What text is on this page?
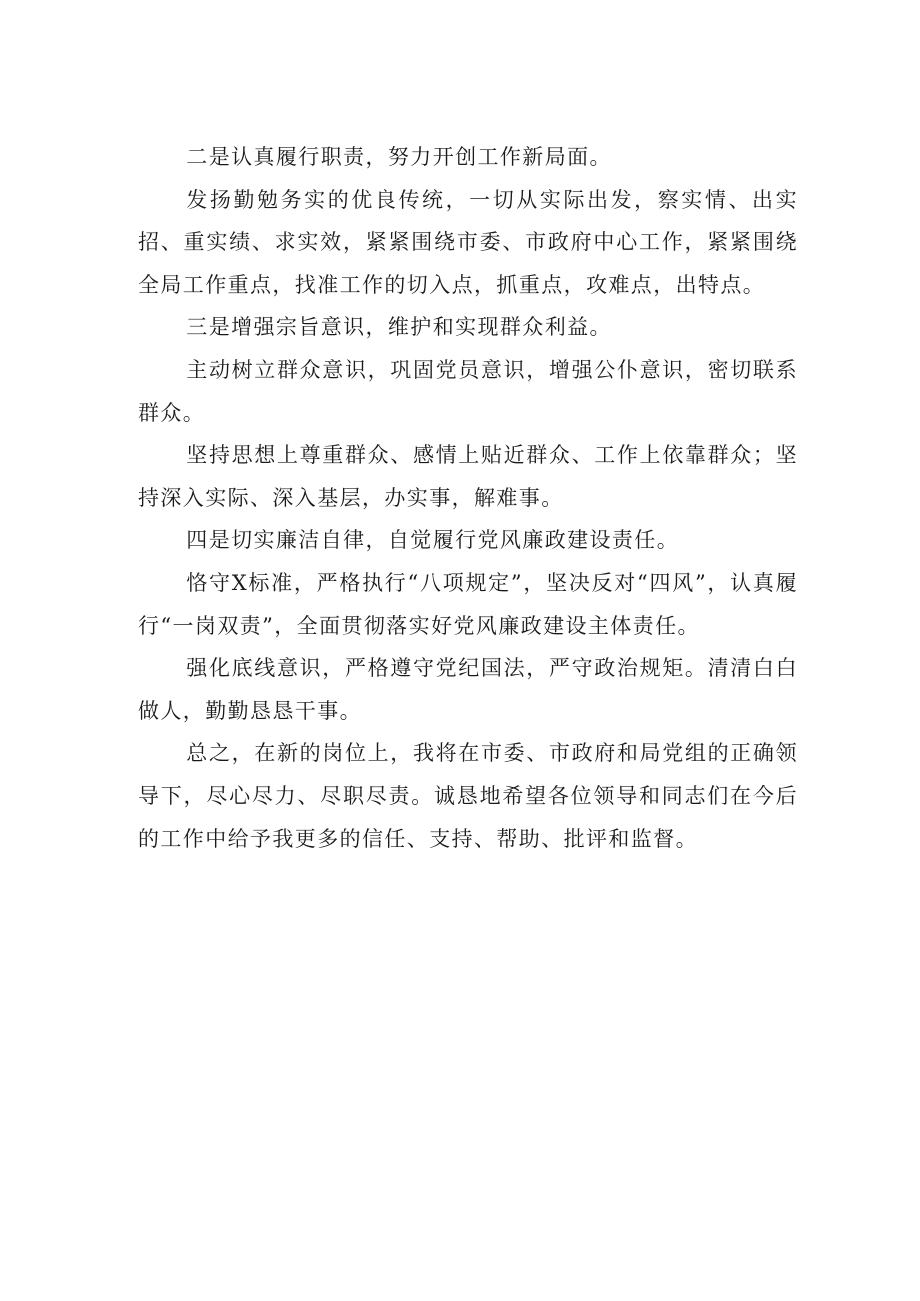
二是认真履行职责，努力开创工作新局面。

发扬勤勉务实的优良传统，一切从实际出发，察实情、出实招、重实绩、求实效，紧紧围绕市委、市政府中心工作，紧紧围绕全局工作重点，找准工作的切入点，抓重点，攻难点，出特点。

三是增强宗旨意识，维护和实现群众利益。

主动树立群众意识，巩固党员意识，增强公仆意识，密切联系群众。

坚持思想上尊重群众、感情上贴近群众、工作上依靠群众；坚持深入实际、深入基层，办实事，解难事。

四是切实廉洁自律，自觉履行党风廉政建设责任。

恪守X标准，严格执行“八项规定”，坚决反对“四风”，认真履行“一岗双责”，全面贯彻落实好党风廉政建设主体责任。

强化底线意识，严格遵守党纪国法，严守政治规矩。清清白白做人，勤勤恳恳干事。

总之，在新的岗位上，我将在市委、市政府和局党组的正确领导下，尽心尽力、尽职尽责。诚恳地希望各位领导和同志们在今后的工作中给予我更多的信任、支持、帮助、批评和监督。
